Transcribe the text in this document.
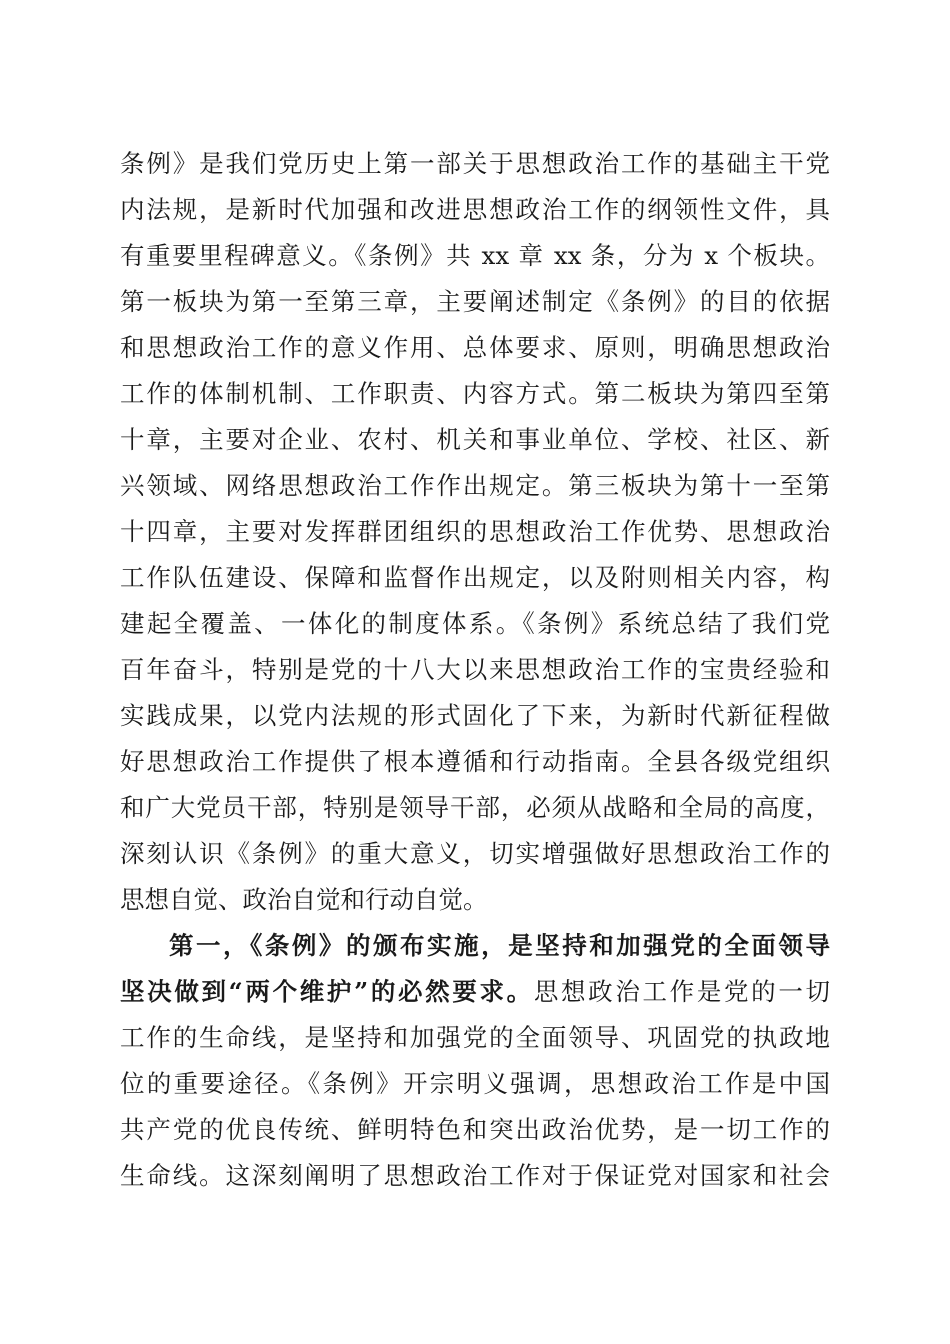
条例》是我们党历史上第一部关于思想政治工作的基础主干党
内法规，是新时代加强和改进思想政治工作的纲领性文件，具
有重要里程碑意义。《条例》共 xx 章 xx 条，分为 x 个板块。
第一板块为第一至第三章，主要阐述制定《条例》的目的依据
和思想政治工作的意义作用、总体要求、原则，明确思想政治
工作的体制机制、工作职责、内容方式。第二板块为第四至第
十章，主要对企业、农村、机关和事业单位、学校、社区、新
兴领域、网络思想政治工作作出规定。第三板块为第十一至第
十四章，主要对发挥群团组织的思想政治工作优势、思想政治
工作队伍建设、保障和监督作出规定，以及附则相关内容，构
建起全覆盖、一体化的制度体系。《条例》系统总结了我们党
百年奋斗，特别是党的十八大以来思想政治工作的宝贵经验和
实践成果，以党内法规的形式固化了下来，为新时代新征程做
好思想政治工作提供了根本遵循和行动指南。全县各级党组织
和广大党员干部，特别是领导干部，必须从战略和全局的高度，
深刻认识《条例》的重大意义，切实增强做好思想政治工作的
思想自觉、政治自觉和行动自觉。
第一，《条例》的颁布实施，是坚持和加强党的全面领导
坚决做到“两个维护”的必然要求。思想政治工作是党的一切
工作的生命线，是坚持和加强党的全面领导、巩固党的执政地
位的重要途径。《条例》开宗明义强调，思想政治工作是中国
共产党的优良传统、鲜明特色和突出政治优势，是一切工作的
生命线。这深刻阐明了思想政治工作对于保证党对国家和社会
